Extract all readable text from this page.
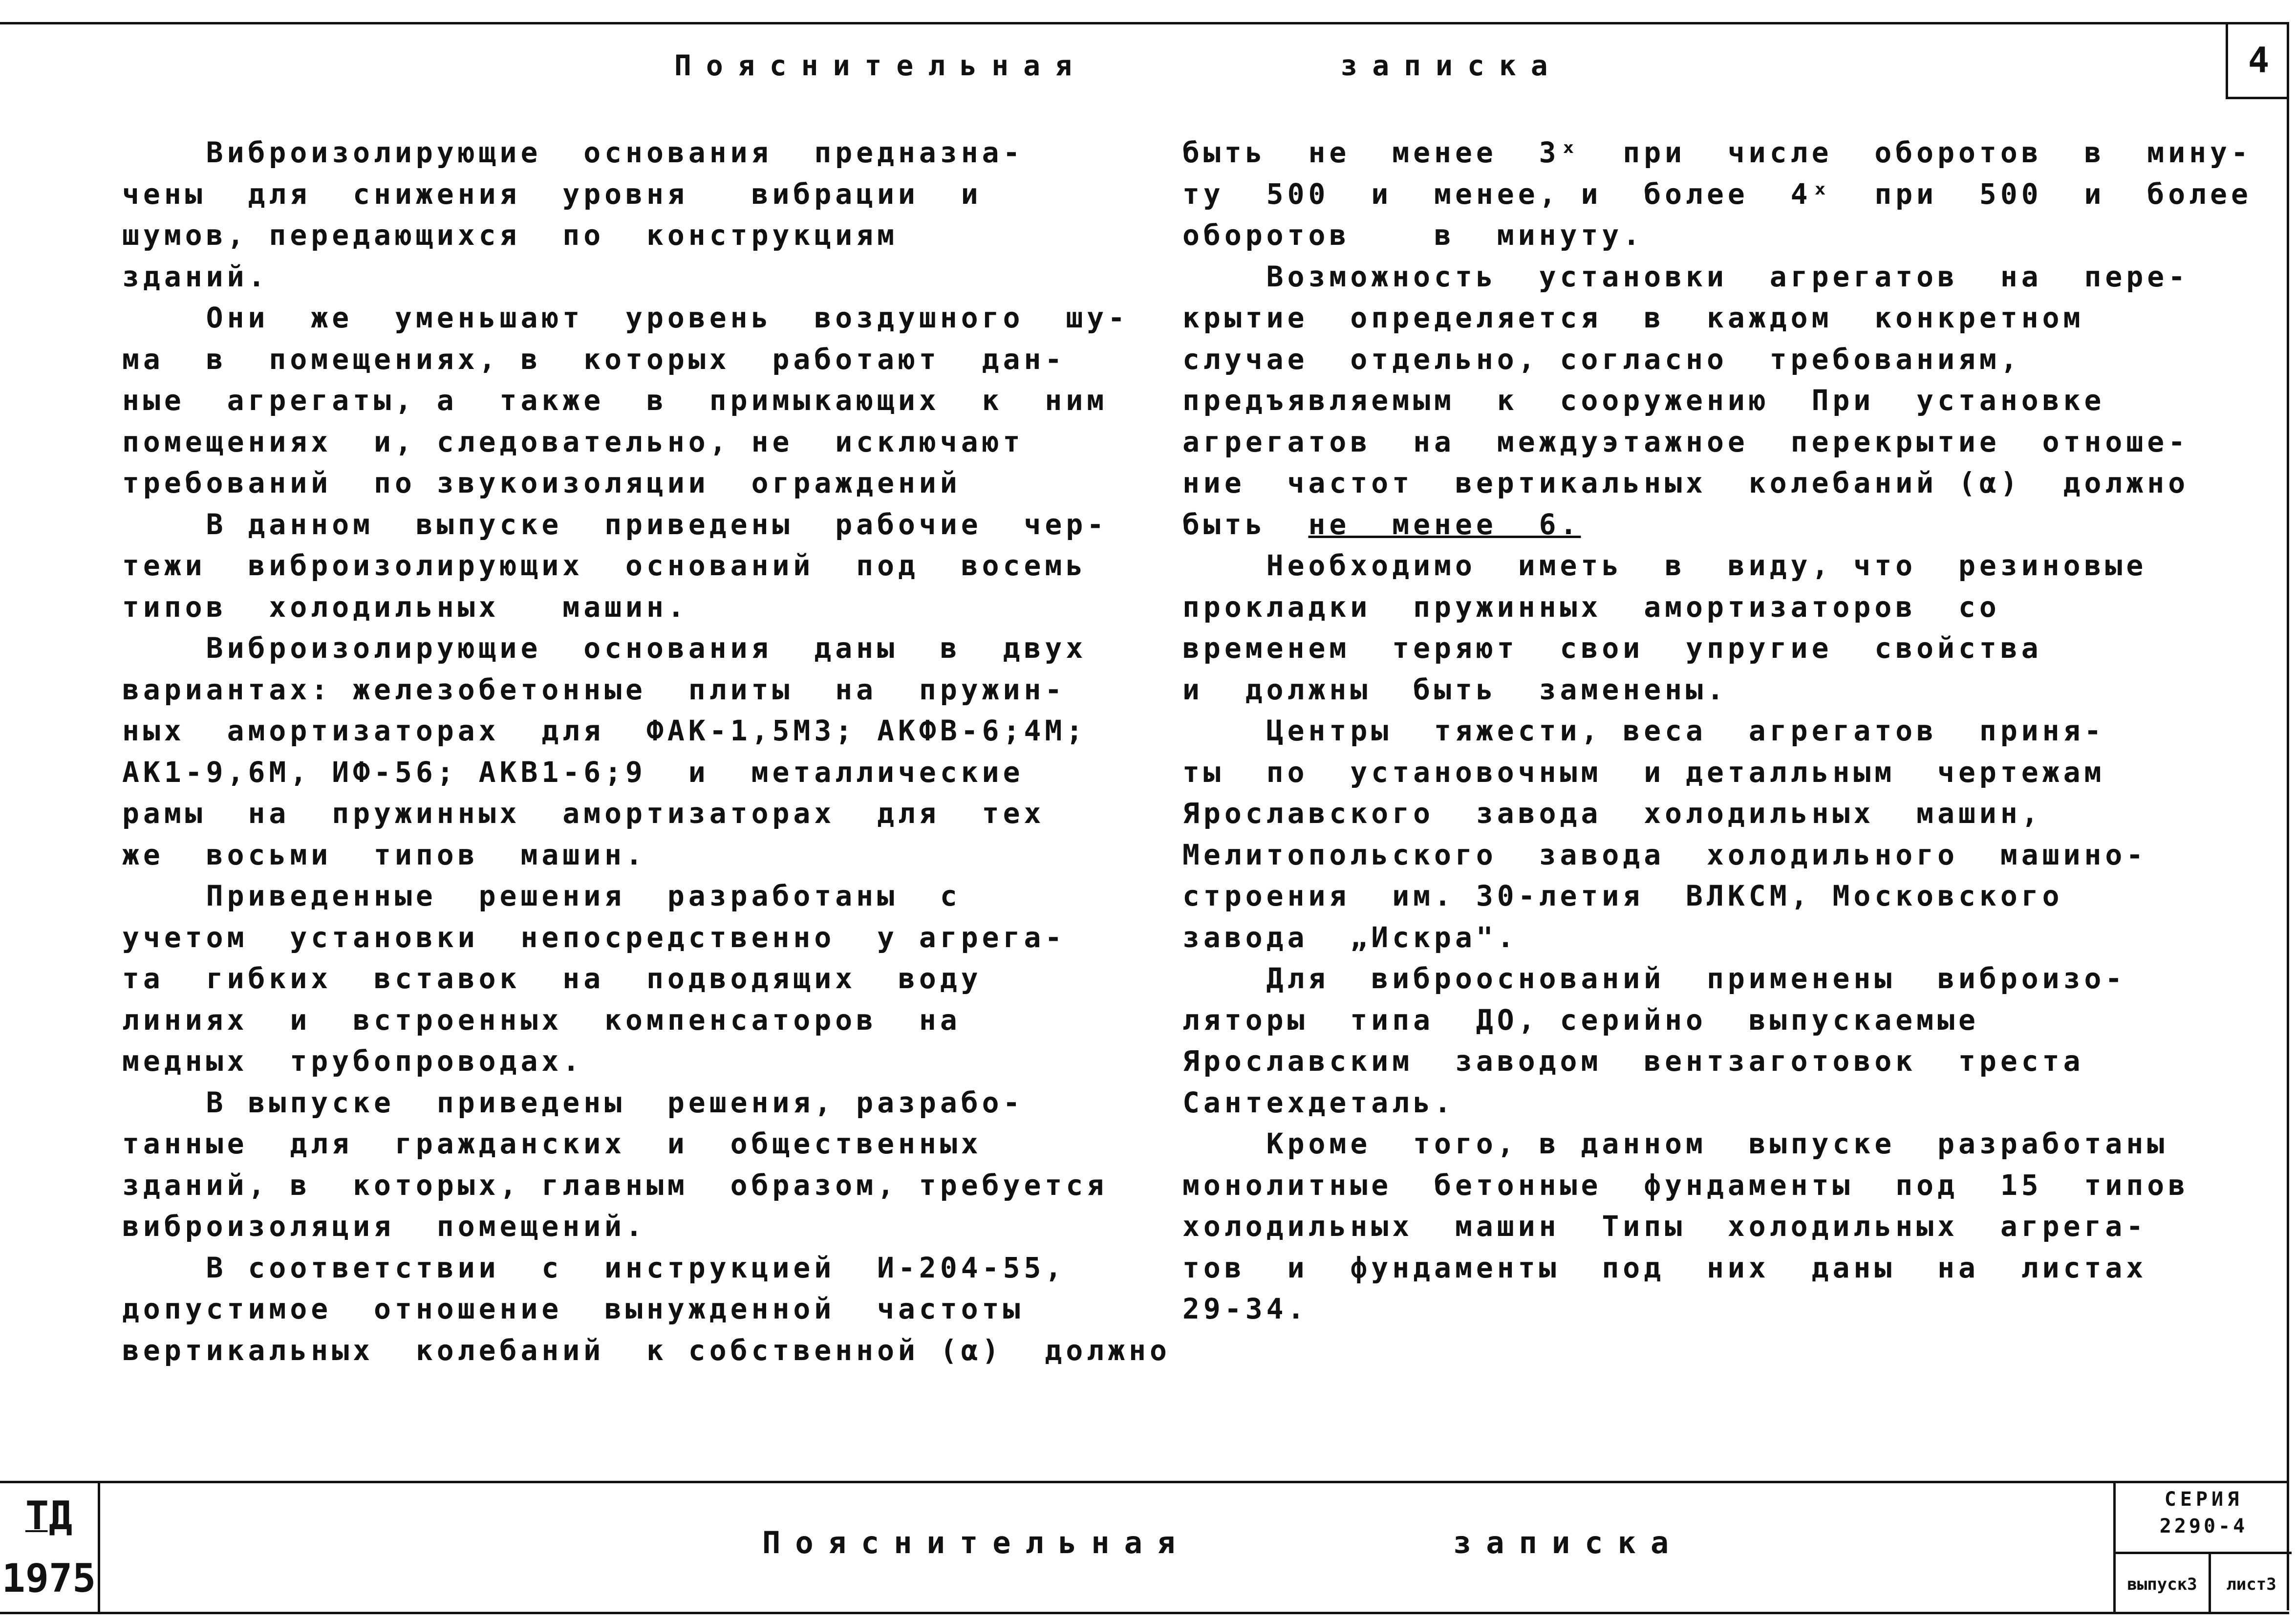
4
Пояснительная        записка
Виброизолирующие  основания  предназна-
чены  для  снижения  уровня   вибрации  и
шумов, передающихся  по  конструкциям
зданий.
Они  же  уменьшают  уровень  воздушного  шу-
ма  в  помещениях, в  которых  работают  дан-
ные  агрегаты, а  также  в  примыкающих  к  ним
помещениях  и, следовательно, не  исключают
требований  по звукоизоляции  ограждений
В данном  выпуске  приведены  рабочие  чер-
тежи  виброизолирующих  оснований  под  восемь
типов  холодильных   машин.
Виброизолирующие  основания  даны  в  двух
вариантах: железобетонные  плиты  на  пружин-
ных  амортизаторах  для  ФАК-1,5МЗ; АКФВ-6;4М;
АК1-9,6М, ИФ-56; АКВ1-6;9  и  металлические
рамы  на  пружинных  амортизаторах  для  тех
же  восьми  типов  машин.
Приведенные  решения  разработаны  с
учетом  установки  непосредственно  у агрега-
та  гибких  вставок  на  подводящих  воду
линиях  и  встроенных  компенсаторов  на
медных  трубопроводах.
В выпуске  приведены  решения, разрабо-
танные  для  гражданских  и  общественных
зданий, в  которых, главным  образом, требуется
виброизоляция  помещений.
В соответствии  с  инструкцией  И-204-55,
допустимое  отношение  вынужденной  частоты
вертикальных  колебаний  к собственной (α)  должно
быть  не  менее  3ˣ  при  числе  оборотов  в  мину-
ту  500  и  менее, и  более  4ˣ  при  500  и  более
оборотов    в  минуту.
Возможность  установки  агрегатов  на  пере-
крытие  определяется  в  каждом  конкретном
случае  отдельно, согласно  требованиям,
предъявляемым  к  сооружению  При  установке
агрегатов  на  междуэтажное  перекрытие  отноше-
ние  частот  вертикальных  колебаний (α)  должно
быть  не  менее  6.
Необходимо  иметь  в  виду, что  резиновые
прокладки  пружинных  амортизаторов  со
временем  теряют  свои  упругие  свойства
и  должны  быть  заменены.
Центры  тяжести, веса  агрегатов  приня-
ты  по  установочным  и деталльным  чертежам
Ярославского  завода  холодильных  машин,
Мелитопольского  завода  холодильного  машино-
строения  им. 30-летия  ВЛКСМ, Московского
завода  „Искра".
Для  виброоснований  применены  виброизо-
ляторы  типа  ДО, серийно  выпускаемые
Ярославским  заводом  вентзаготовок  треста
Сантехдеталь.
Кроме  того, в данном  выпуске  разработаны
монолитные  бетонные  фундаменты  под  15  типов
холодильных  машин  Типы  холодильных  агрега-
тов  и  фундаменты  под  них  даны  на  листах
29-34.
ТД
1975
Пояснительная        записка
СЕРИЯ
2290-4
выпуск3	лист3
